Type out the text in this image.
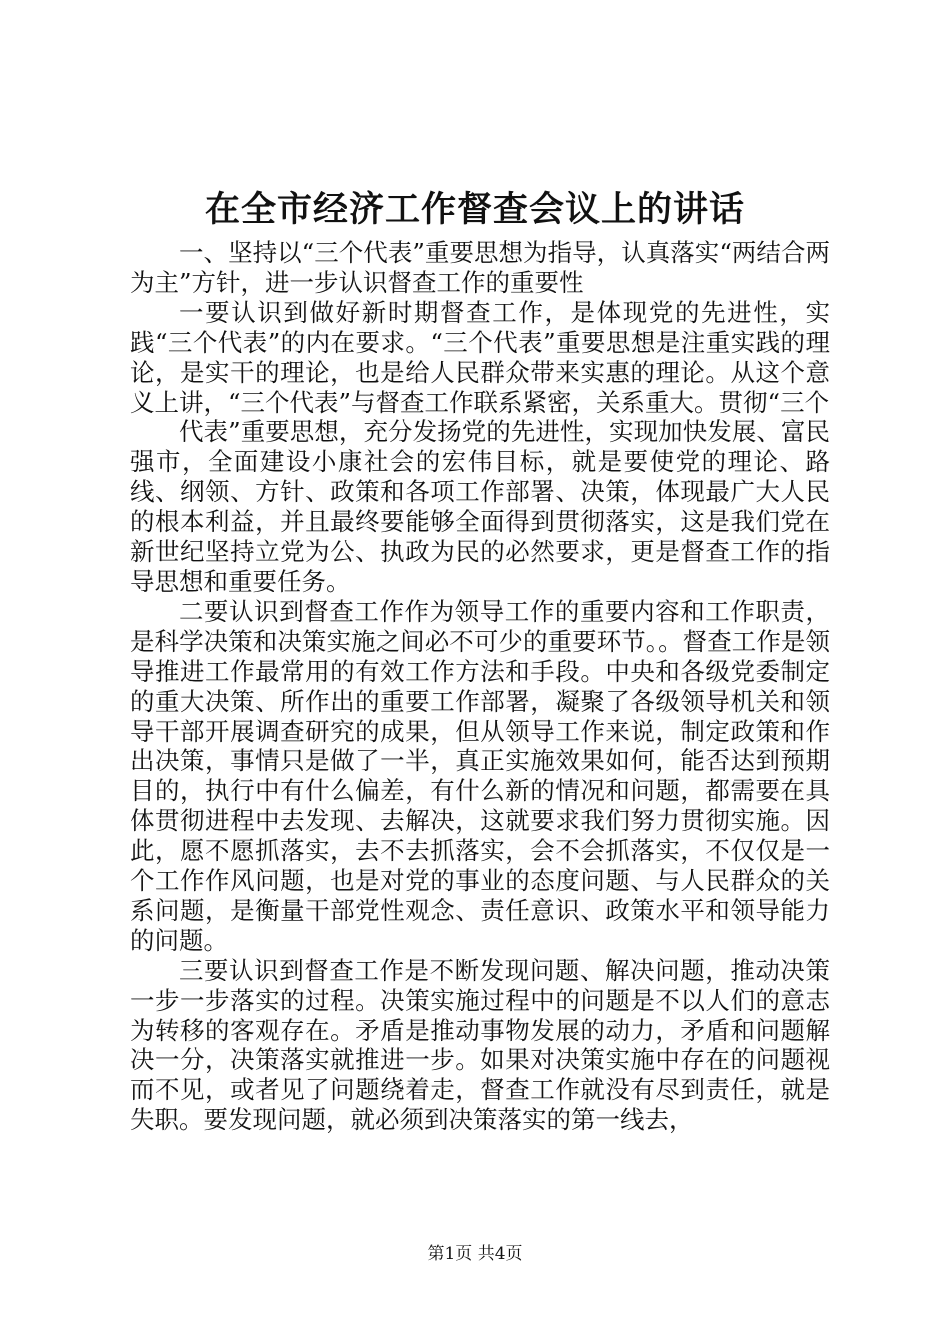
在全市经济工作督查会议上的讲话

一、坚持以“三个代表”重要思想为指导，认真落实“两结合两为主”方针，进一步认识督查工作的重要性

一要认识到做好新时期督查工作，是体现党的先进性，实践“三个代表”的内在要求。“三个代表”重要思想是注重实践的理论，是实干的理论，也是给人民群众带来实惠的理论。从这个意义上讲，“三个代表”与督查工作联系紧密，关系重大。贯彻“三个

代表”重要思想，充分发扬党的先进性，实现加快发展、富民强市，全面建设小康社会的宏伟目标，就是要使党的理论、路线、纲领、方针、政策和各项工作部署、决策，体现最广大人民的根本利益，并且最终要能够全面得到贯彻落实，这是我们党在新世纪坚持立党为公、执政为民的必然要求，更是督查工作的指导思想和重要任务。

二要认识到督查工作作为领导工作的重要内容和工作职责，是科学决策和决策实施之间必不可少的重要环节。。督查工作是领导推进工作最常用的有效工作方法和手段。中央和各级党委制定的重大决策、所作出的重要工作部署，凝聚了各级领导机关和领导干部开展调查研究的成果，但从领导工作来说，制定政策和作出决策，事情只是做了一半，真正实施效果如何，能否达到预期目的，执行中有什么偏差，有什么新的情况和问题，都需要在具体贯彻进程中去发现、去解决，这就要求我们努力贯彻实施。因此，愿不愿抓落实，去不去抓落实，会不会抓落实，不仅仅是一个工作作风问题，也是对党的事业的态度问题、与人民群众的关系问题，是衡量干部党性观念、责任意识、政策水平和领导能力的问题。

三要认识到督查工作是不断发现问题、解决问题，推动决策一步一步落实的过程。决策实施过程中的问题是不以人们的意志为转移的客观存在。矛盾是推动事物发展的动力，矛盾和问题解决一分，决策落实就推进一步。如果对决策实施中存在的问题视而不见，或者见了问题绕着走，督查工作就没有尽到责任，就是失职。要发现问题，就必须到决策落实的第一线去，

第1页 共4页
